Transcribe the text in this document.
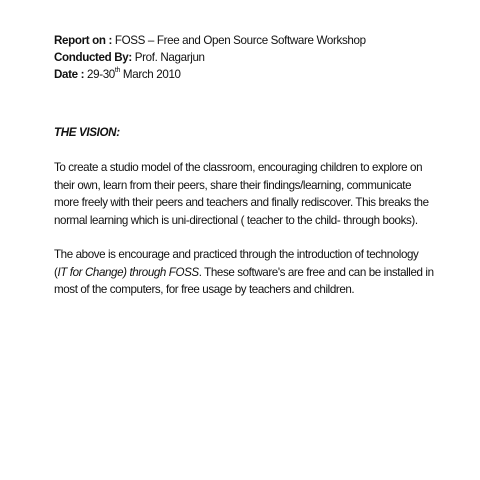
Report on : FOSS – Free and Open Source Software Workshop
Conducted By: Prof. Nagarjun
Date : 29-30th March 2010
THE VISION:

To create a studio model of the classroom, encouraging children to explore on their own, learn from their peers, share their findings/learning, communicate more freely with their peers and teachers and finally rediscover. This breaks the normal learning which is uni-directional ( teacher to the child- through books).

The above is encourage and practiced through the introduction of technology (IT for Change) through FOSS. These software's are free and can be installed in most of the computers, for free usage by teachers and children.
